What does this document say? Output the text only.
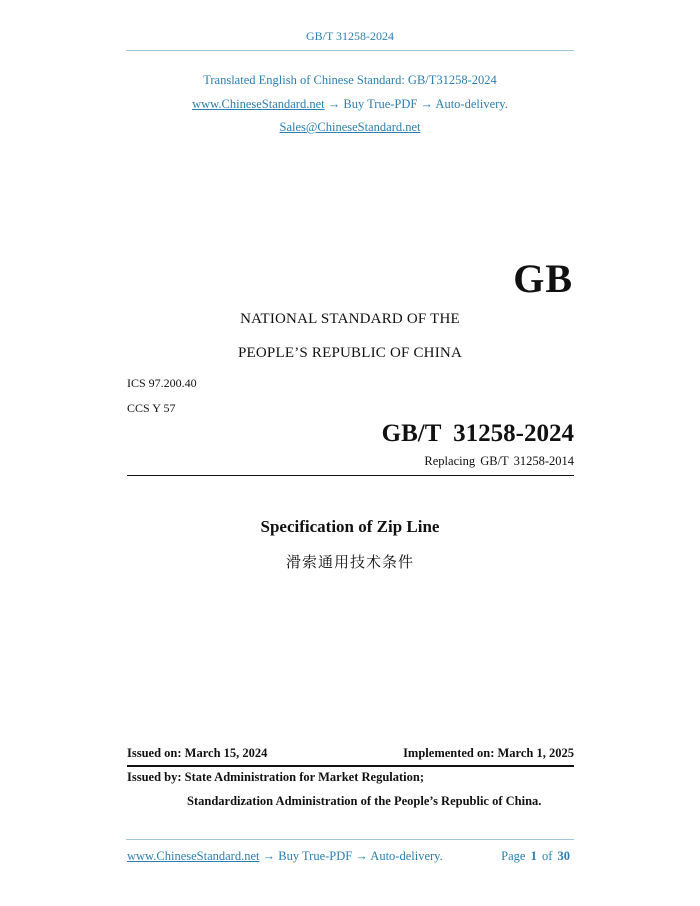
GB/T 31258-2024
Translated English of Chinese Standard: GB/T31258-2024
www.ChineseStandard.net → Buy True-PDF → Auto-delivery.
Sales@ChineseStandard.net
GB
NATIONAL STANDARD OF THE
PEOPLE’S REPUBLIC OF CHINA
ICS 97.200.40
CCS Y 57
GB/T 31258-2024
Replacing GB/T 31258-2014
Specification of Zip Line
滑索通用技术条件
Issued on: March 15, 2024	Implemented on: March 1, 2025
Issued by: State Administration for Market Regulation;
Standardization Administration of the People’s Republic of China.
www.ChineseStandard.net → Buy True-PDF → Auto-delivery.	Page 1 of 30
